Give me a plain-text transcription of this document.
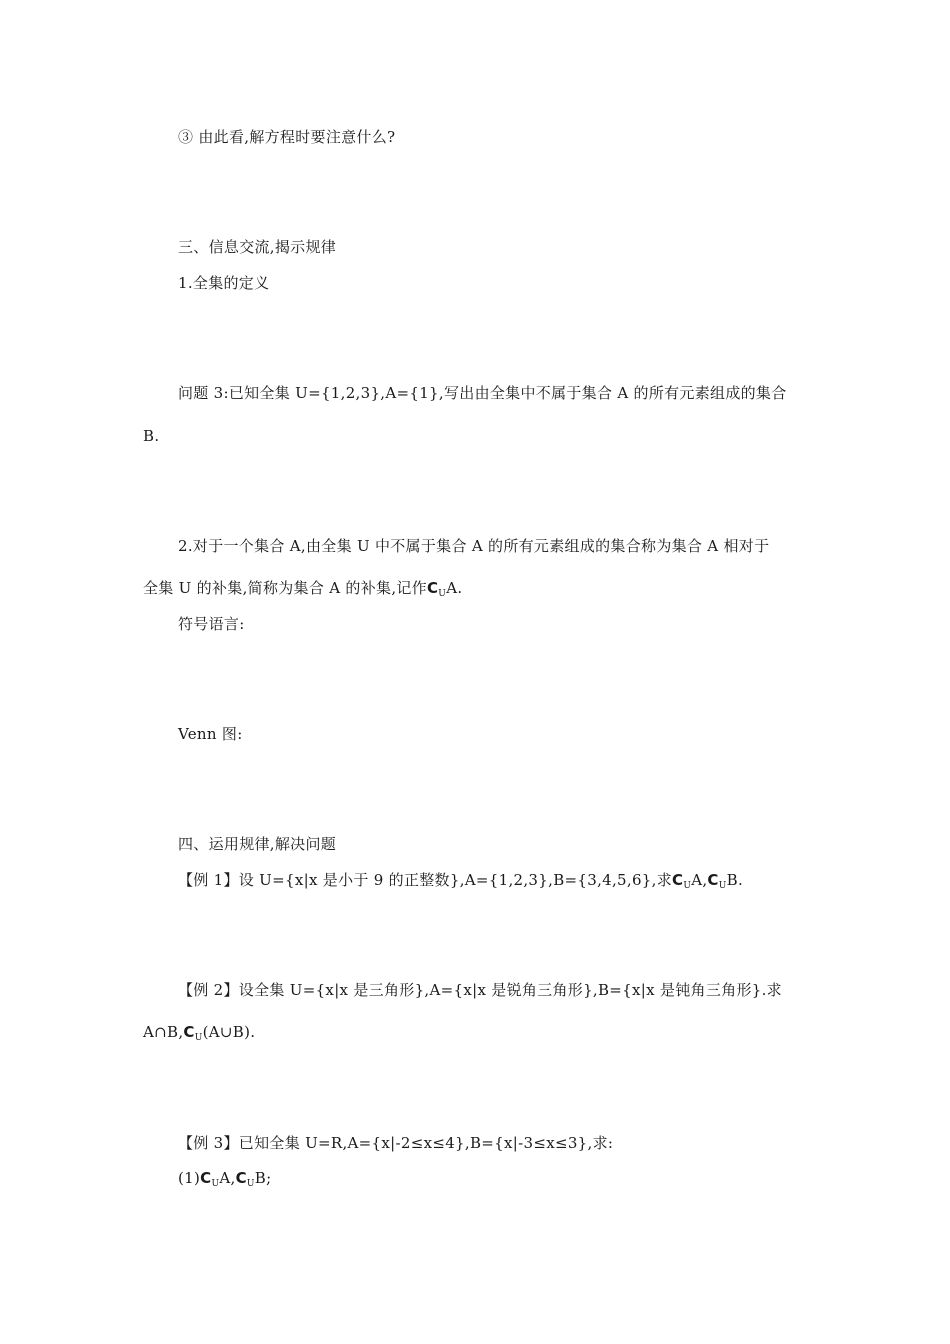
③ 由此看,解方程时要注意什么?
三、信息交流,揭示规律
1.全集的定义
问题 3:已知全集 U={1,2,3},A={1},写出由全集中不属于集合 A 的所有元素组成的集合
B.
2.对于一个集合 A,由全集 U 中不属于集合 A 的所有元素组成的集合称为集合 A 相对于
全集 U 的补集,简称为集合 A 的补集,记作$C_UA$.
符号语言:
Venn 图:
四、运用规律,解决问题
【例 1】设 U={x|x 是小于 9 的正整数},A={1,2,3},B={3,4,5,6},求$C_UA,C_UB$.
【例 2】设全集 U={x|x 是三角形},A={x|x 是锐角三角形},B={x|x 是钝角三角形}.求
$A\cap B,C_U(A\cup B)$.
【例 3】已知全集 U=R,A={x|-2≤x≤4},B={x|-3≤x≤3},求:
$(1)C_UA,C_UB$;
